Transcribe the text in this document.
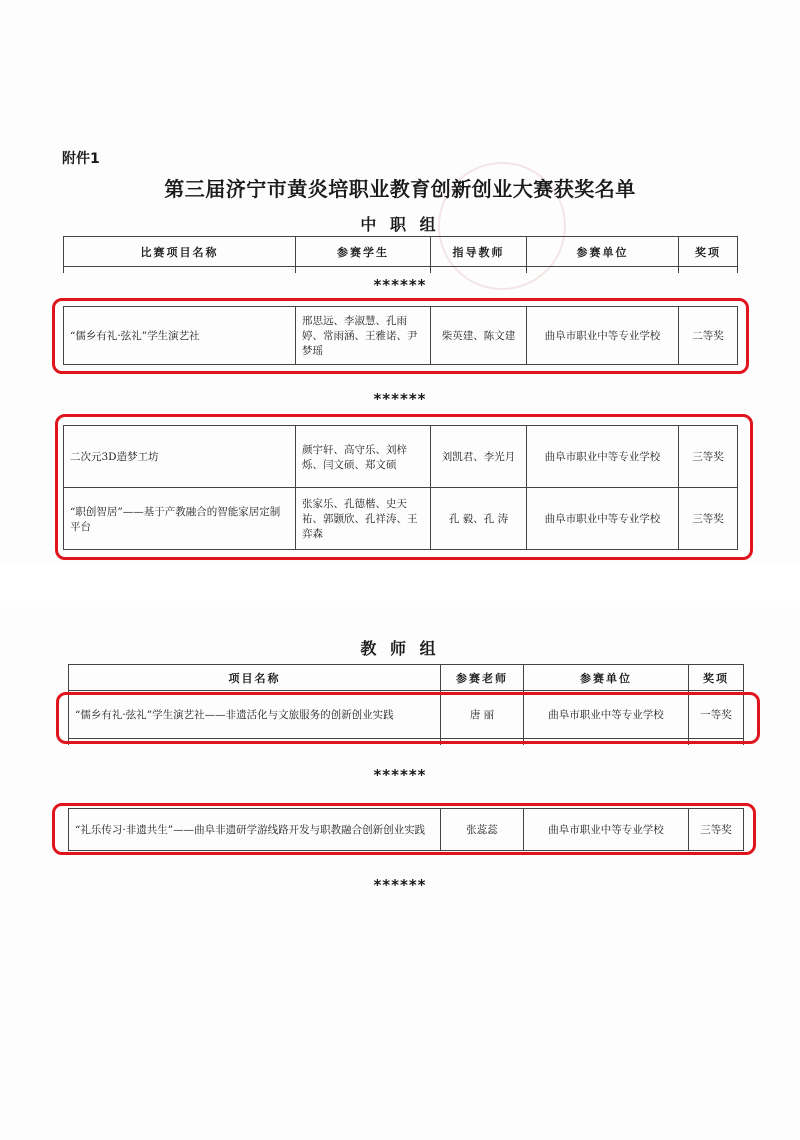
附件1
第三届济宁市黄炎培职业教育创新创业大赛获奖名单
中 职 组
比赛项目名称	参赛学生	指导教师	参赛单位	奖项

******
“儒乡有礼·弦礼”学生演艺社	邢思远、李淑慧、孔雨婷、常雨涵、王雅诺、尹梦瑶	柴英建、陈文建	曲阜市职业中等专业学校	二等奖
******
二次元3D造梦工坊	颜宇轩、高守乐、刘梓烁、闫文硕、郑文硕	刘凯君、李光月	曲阜市职业中等专业学校	三等奖
“职创智居”——基于产教融合的智能家居定制平台	张家乐、孔德楷、史天祐、郭颢欣、孔祥涛、王弈森	孔 毅、孔 涛	曲阜市职业中等专业学校	三等奖
教 师 组
项目名称	参赛老师	参赛单位	奖项
“儒乡有礼·弦礼”学生演艺社——非遗活化与文旅服务的创新创业实践	唐 丽	曲阜市职业中等专业学校	一等奖

******
“礼乐传习·非遗共生”——曲阜非遗研学游线路开发与职教融合创新创业实践	张蕊蕊	曲阜市职业中等专业学校	三等奖
******
